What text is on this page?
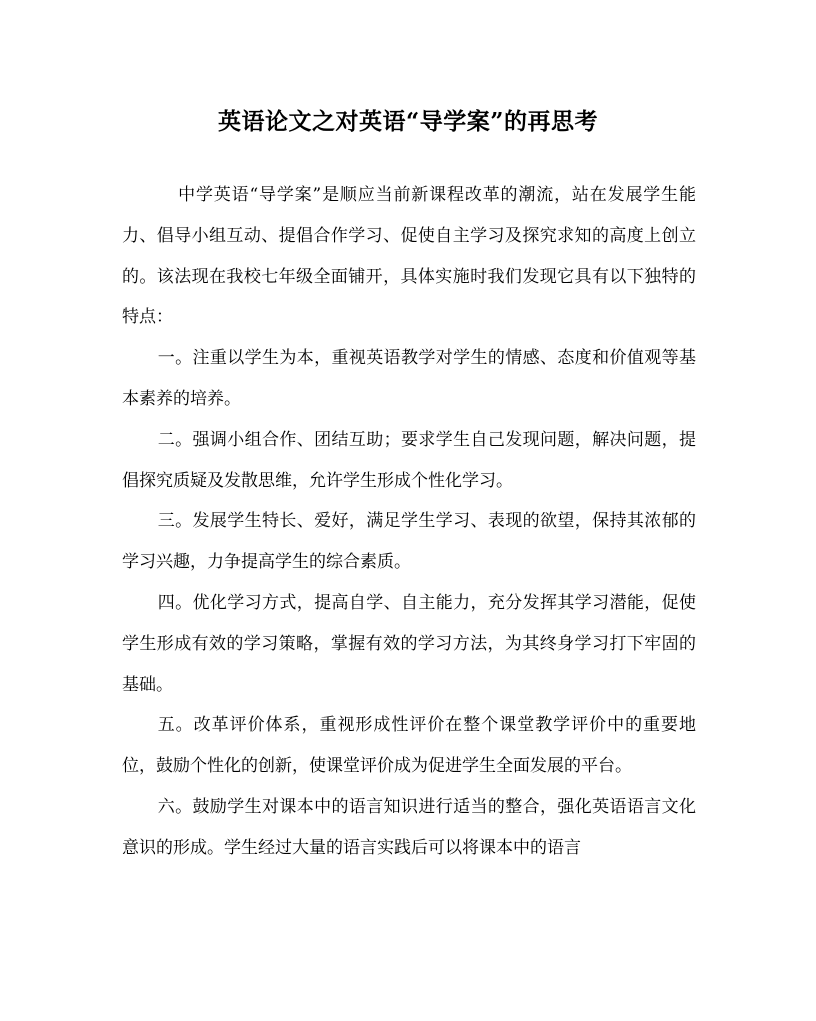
英语论文之对英语“导学案”的再思考

中学英语“导学案”是顺应当前新课程改革的潮流，站在发展学生能力、倡导小组互动、提倡合作学习、促使自主学习及探究求知的高度上创立的。该法现在我校七年级全面铺开，具体实施时我们发现它具有以下独特的特点：

一。注重以学生为本，重视英语教学对学生的情感、态度和价值观等基本素养的培养。

二。强调小组合作、团结互助；要求学生自己发现问题，解决问题，提倡探究质疑及发散思维，允许学生形成个性化学习。

三。发展学生特长、爱好，满足学生学习、表现的欲望，保持其浓郁的学习兴趣，力争提高学生的综合素质。

四。优化学习方式，提高自学、自主能力，充分发挥其学习潜能，促使学生形成有效的学习策略，掌握有效的学习方法，为其终身学习打下牢固的基础。

五。改革评价体系，重视形成性评价在整个课堂教学评价中的重要地位，鼓励个性化的创新，使课堂评价成为促进学生全面发展的平台。

六。鼓励学生对课本中的语言知识进行适当的整合，强化英语语言文化意识的形成。学生经过大量的语言实践后可以将课本中的语言
